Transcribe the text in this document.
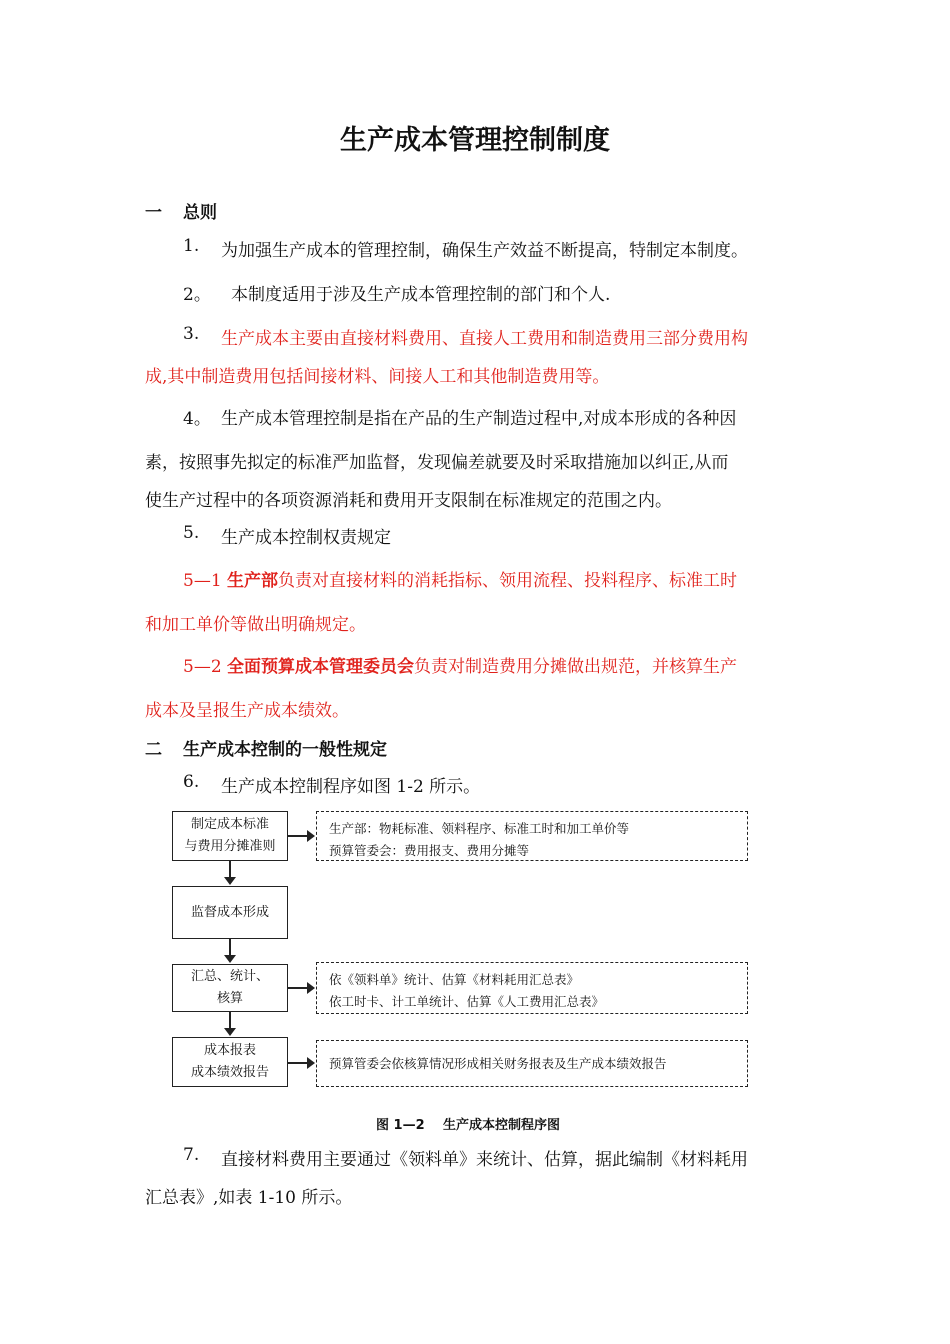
生产成本管理控制制度
一 总则
1. 为加强生产成本的管理控制，确保生产效益不断提高，特制定本制度。
2。 本制度适用于涉及生产成本管理控制的部门和个人.
3. 生产成本主要由直接材料费用、直接人工费用和制造费用三部分费用构
成,其中制造费用包括间接材料、间接人工和其他制造费用等。
4。 生产成本管理控制是指在产品的生产制造过程中,对成本形成的各种因
素，按照事先拟定的标准严加监督，发现偏差就要及时采取措施加以纠正,从而
使生产过程中的各项资源消耗和费用开支限制在标准规定的范围之内。
5. 生产成本控制权责规定
5—1 生产部负责对直接材料的消耗指标、领用流程、投料程序、标准工时
和加工单价等做出明确规定。
5—2 全面预算成本管理委员会负责对制造费用分摊做出规范，并核算生产
成本及呈报生产成本绩效。
二 生产成本控制的一般性规定
6. 生产成本控制程序如图 1-2 所示。
制定成本标准
与费用分摊准则
生产部：物耗标准、领料程序、标准工时和加工单价等
预算管委会：费用报支、费用分摊等
监督成本形成
汇总、统计、
核算
依《领料单》统计、估算《材料耗用汇总表》
依工时卡、计工单统计、估算《人工费用汇总表》
成本报表
成本绩效报告
预算管委会依核算情况形成相关财务报表及生产成本绩效报告
图 1—2 生产成本控制程序图
7. 直接材料费用主要通过《领料单》来统计、估算，据此编制《材料耗用
汇总表》,如表 1-10 所示。
